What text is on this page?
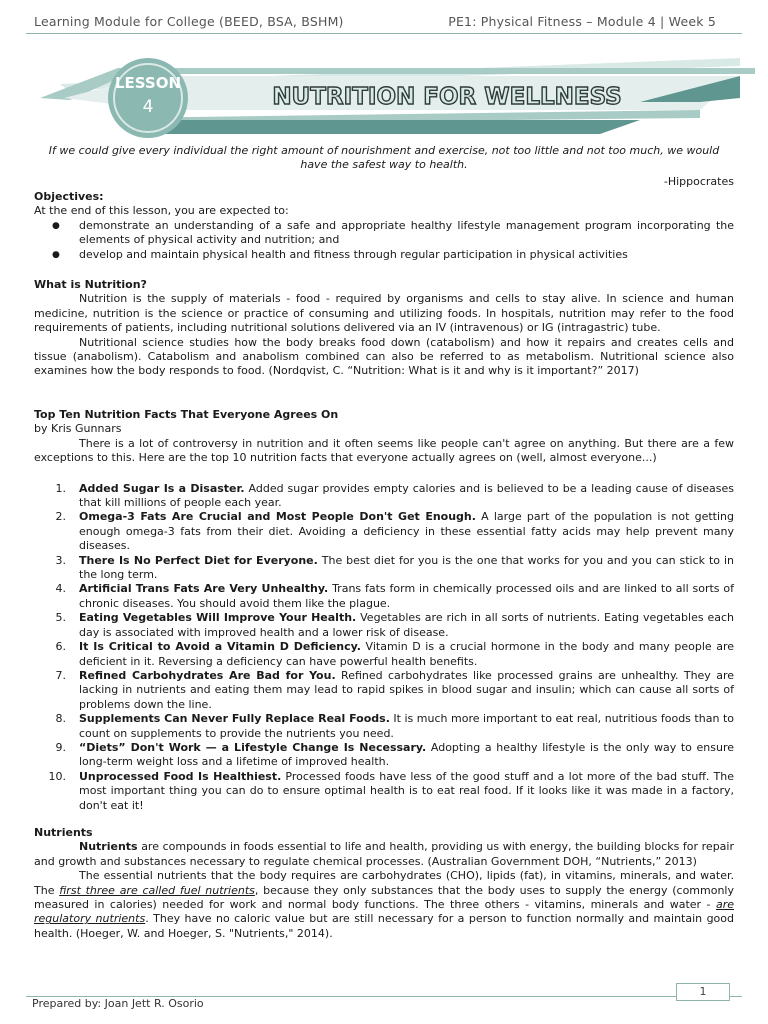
Learning Module for College (BEED, BSA, BSHM)	PE1: Physical Fitness – Module 4 | Week 5
LESSON
4	NUTRITION FOR WELLNESS
If we could give every individual the right amount of nourishment and exercise, not too little and not too much, we would have the safest way to health.
-Hippocrates
Objectives:
At the end of this lesson, you are expected to:
● demonstrate an understanding of a safe and appropriate healthy lifestyle management program incorporating the elements of physical activity and nutrition; and
● develop and maintain physical health and fitness through regular participation in physical activities
What is Nutrition?

Nutrition is the supply of materials - food - required by organisms and cells to stay alive. In science and human medicine, nutrition is the science or practice of consuming and utilizing foods. In hospitals, nutrition may refer to the food requirements of patients, including nutritional solutions delivered via an IV (intravenous) or IG (intragastric) tube.

Nutritional science studies how the body breaks food down (catabolism) and how it repairs and creates cells and tissue (anabolism). Catabolism and anabolism combined can also be referred to as metabolism. Nutritional science also examines how the body responds to food. (Nordqvist, C. “Nutrition: What is it and why is it important?” 2017)

Top Ten Nutrition Facts That Everyone Agrees On
by Kris Gunnars

There is a lot of controversy in nutrition and it often seems like people can't agree on anything. But there are a few exceptions to this. Here are the top 10 nutrition facts that everyone actually agrees on (well, almost everyone...)

1. Added Sugar Is a Disaster. Added sugar provides empty calories and is believed to be a leading cause of diseases that kill millions of people each year.
2. Omega-3 Fats Are Crucial and Most People Don't Get Enough. A large part of the population is not getting enough omega-3 fats from their diet. Avoiding a deficiency in these essential fatty acids may help prevent many diseases.
3. There Is No Perfect Diet for Everyone. The best diet for you is the one that works for you and you can stick to in the long term.
4. Artificial Trans Fats Are Very Unhealthy. Trans fats form in chemically processed oils and are linked to all sorts of chronic diseases. You should avoid them like the plague.
5. Eating Vegetables Will Improve Your Health. Vegetables are rich in all sorts of nutrients. Eating vegetables each day is associated with improved health and a lower risk of disease.
6. It Is Critical to Avoid a Vitamin D Deficiency. Vitamin D is a crucial hormone in the body and many people are deficient in it. Reversing a deficiency can have powerful health benefits.
7. Refined Carbohydrates Are Bad for You. Refined carbohydrates like processed grains are unhealthy. They are lacking in nutrients and eating them may lead to rapid spikes in blood sugar and insulin; which can cause all sorts of problems down the line.
8. Supplements Can Never Fully Replace Real Foods. It is much more important to eat real, nutritious foods than to count on supplements to provide the nutrients you need.
9. “Diets” Don't Work — a Lifestyle Change Is Necessary. Adopting a healthy lifestyle is the only way to ensure long-term weight loss and a lifetime of improved health.
10. Unprocessed Food Is Healthiest. Processed foods have less of the good stuff and a lot more of the bad stuff. The most important thing you can do to ensure optimal health is to eat real food. If it looks like it was made in a factory, don't eat it!
Nutrients

Nutrients are compounds in foods essential to life and health, providing us with energy, the building blocks for repair and growth and substances necessary to regulate chemical processes. (Australian Government DOH, “Nutrients,” 2013)

The essential nutrients that the body requires are carbohydrates (CHO), lipids (fat), in vitamins, minerals, and water. The first three are called fuel nutrients, because they only substances that the body uses to supply the energy (commonly measured in calories) needed for work and normal body functions. The three others - vitamins, minerals and water - are regulatory nutrients. They have no caloric value but are still necessary for a person to function normally and maintain good health. (Hoeger, W. and Hoeger, S. "Nutrients," 2014).

1
Prepared by: Joan Jett R. Osorio
